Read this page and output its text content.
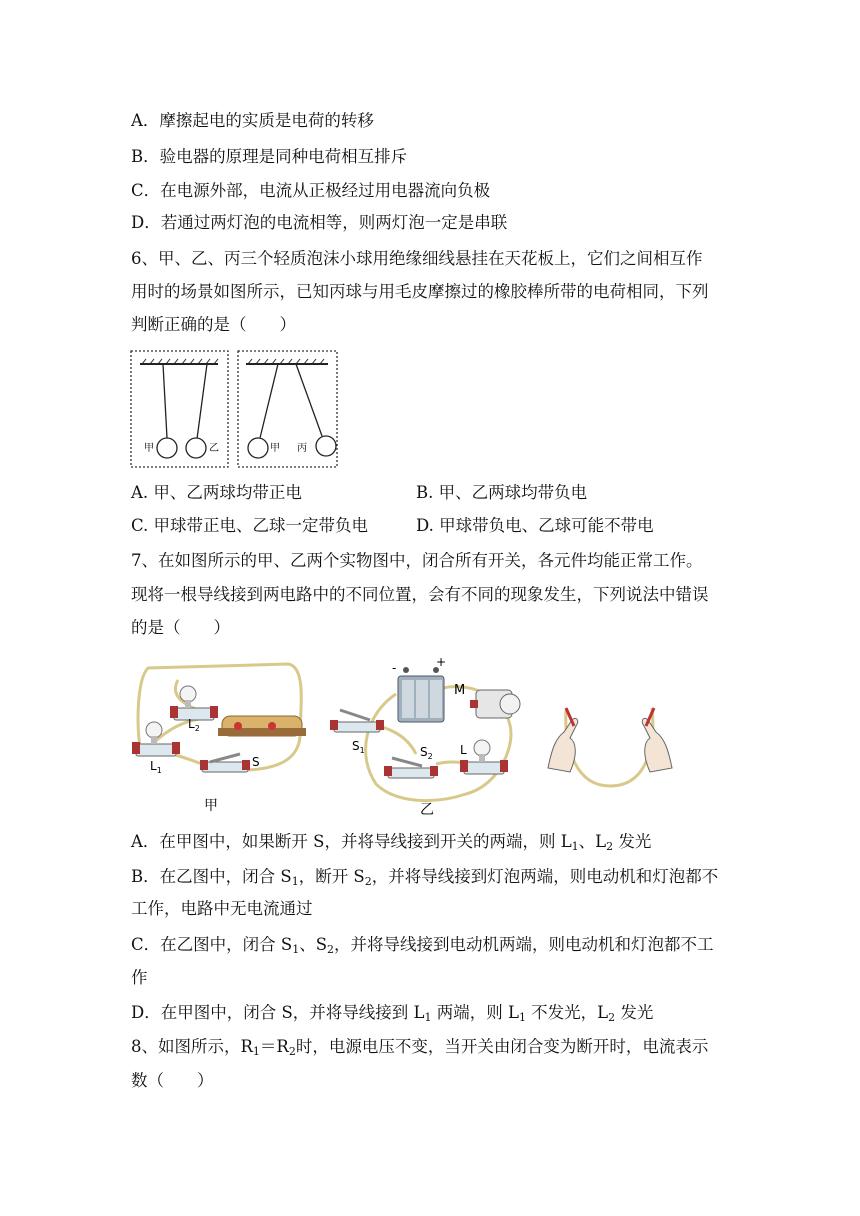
A．摩擦起电的实质是电荷的转移
B．验电器的原理是同种电荷相互排斥
C．在电源外部，电流从正极经过用电器流向负极
D．若通过两灯泡的电流相等，则两灯泡一定是串联
6、甲、乙、丙三个轻质泡沫小球用绝缘细线悬挂在天花板上，它们之间相互作
用时的场景如图所示，已知丙球与用毛皮摩擦过的橡胶棒所带的电荷相同，下列
判断正确的是（　　）
甲	乙	甲 丙
A. 甲、乙两球均带正电	B. 甲、乙两球均带负电
C. 甲球带正电、乙球一定带负电	D. 甲球带负电、乙球可能不带电
7、在如图所示的甲、乙两个实物图中，闭合所有开关，各元件均能正常工作。
现将一根导线接到两电路中的不同位置，会有不同的现象发生，下列说法中错误
的是（　　）
$L_2$
$L_1$
S
甲
-	+
M
$S_1$	$S_2$ L
乙
A．在甲图中，如果断开 S，并将导线接到开关的两端，则 $L_1$、$L_2$ 发光
B．在乙图中，闭合 $S_1$，断开 $S_2$，并将导线接到灯泡两端，则电动机和灯泡都不
工作，电路中无电流通过
C．在乙图中，闭合 $S_1$、$S_2$，并将导线接到电动机两端，则电动机和灯泡都不工
作
D．在甲图中，闭合 S，并将导线接到 $L_1$ 两端，则 $L_1$ 不发光，$L_2$ 发光
8、如图所示，$R_1=R_2$时，电源电压不变，当开关由闭合变为断开时，电流表示
数（　　）
